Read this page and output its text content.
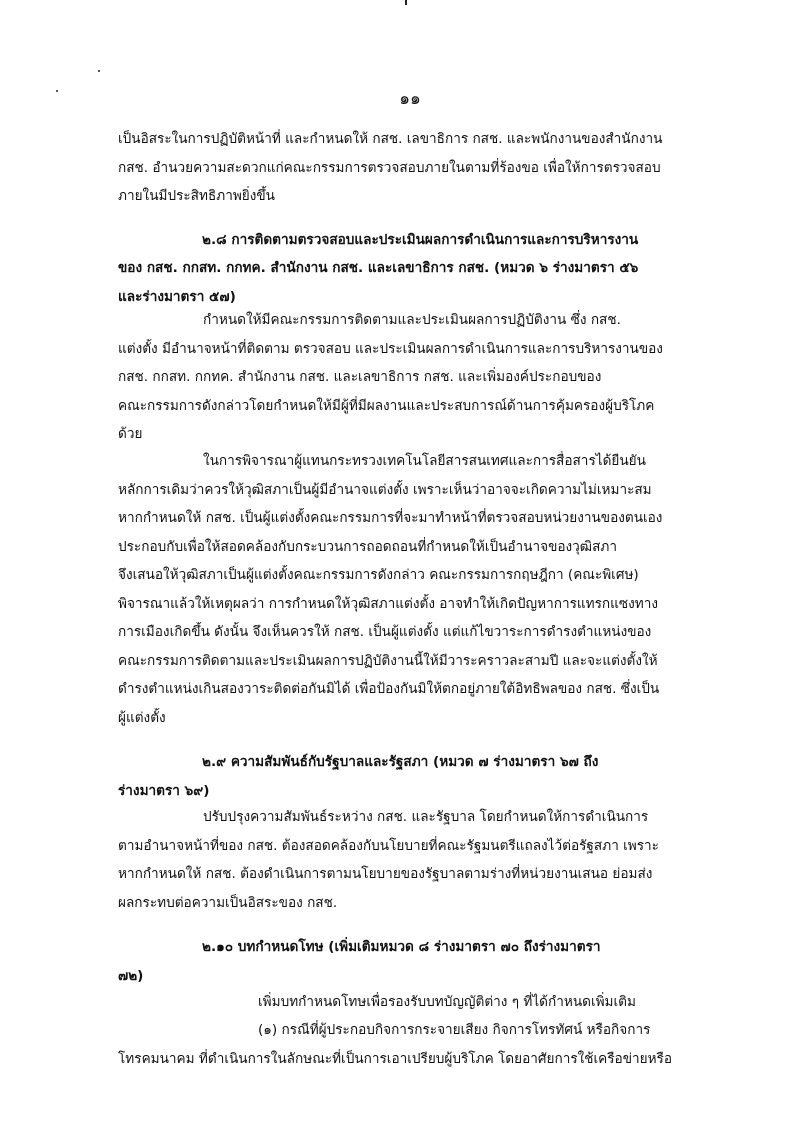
๑๑
เป็นอิสระในการปฏิบัติหน้าที่ และกำหนดให้ กสช. เลขาธิการ กสช. และพนักงานของสำนักงาน
กสช. อำนวยความสะดวกแก่คณะกรรมการตรวจสอบภายในตามที่ร้องขอ เพื่อให้การตรวจสอบ
ภายในมีประสิทธิภาพยิ่งขึ้น
๒.๘ การติดตามตรวจสอบและประเมินผลการดำเนินการและการบริหารงาน
ของ กสช. กกสท. กกทค. สำนักงาน กสช. และเลขาธิการ กสช. (หมวด ๖ ร่างมาตรา ๕๖
และร่างมาตรา ๕๗)
กำหนดให้มีคณะกรรมการติดตามและประเมินผลการปฏิบัติงาน ซึ่ง กสช.
แต่งตั้ง มีอำนาจหน้าที่ติดตาม ตรวจสอบ และประเมินผลการดำเนินการและการบริหารงานของ
กสช. กกสท. กกทค. สำนักงาน กสช. และเลขาธิการ กสช. และเพิ่มองค์ประกอบของ
คณะกรรมการดังกล่าวโดยกำหนดให้มีผู้ที่มีผลงานและประสบการณ์ด้านการคุ้มครองผู้บริโภค
ด้วย
ในการพิจารณาผู้แทนกระทรวงเทคโนโลยีสารสนเทศและการสื่อสารได้ยืนยัน
หลักการเดิมว่าควรให้วุฒิสภาเป็นผู้มีอำนาจแต่งตั้ง เพราะเห็นว่าอาจจะเกิดความไม่เหมาะสม
หากกำหนดให้ กสช. เป็นผู้แต่งตั้งคณะกรรมการที่จะมาทำหน้าที่ตรวจสอบหน่วยงานของตนเอง
ประกอบกับเพื่อให้สอดคล้องกับกระบวนการถอดถอนที่กำหนดให้เป็นอำนาจของวุฒิสภา
จึงเสนอให้วุฒิสภาเป็นผู้แต่งตั้งคณะกรรมการดังกล่าว คณะกรรมการกฤษฎีกา (คณะพิเศษ)
พิจารณาแล้วให้เหตุผลว่า การกำหนดให้วุฒิสภาแต่งตั้ง อาจทำให้เกิดปัญหาการแทรกแซงทาง
การเมืองเกิดขึ้น ดังนั้น จึงเห็นควรให้ กสช. เป็นผู้แต่งตั้ง แต่แก้ไขวาระการดำรงตำแหน่งของ
คณะกรรมการติดตามและประเมินผลการปฏิบัติงานนี้ให้มีวาระคราวละสามปี และจะแต่งตั้งให้
ดำรงตำแหน่งเกินสองวาระติดต่อกันมิได้ เพื่อป้องกันมิให้ตกอยู่ภายใต้อิทธิพลของ กสช. ซึ่งเป็น
ผู้แต่งตั้ง
๒.๙ ความสัมพันธ์กับรัฐบาลและรัฐสภา (หมวด ๗ ร่างมาตรา ๖๗ ถึง
ร่างมาตรา ๖๙)
ปรับปรุงความสัมพันธ์ระหว่าง กสช. และรัฐบาล โดยกำหนดให้การดำเนินการ
ตามอำนาจหน้าที่ของ กสช. ต้องสอดคล้องกับนโยบายที่คณะรัฐมนตรีแถลงไว้ต่อรัฐสภา เพราะ
หากกำหนดให้ กสช. ต้องดำเนินการตามนโยบายของรัฐบาลตามร่างที่หน่วยงานเสนอ ย่อมส่ง
ผลกระทบต่อความเป็นอิสระของ กสช.
๒.๑๐ บทกำหนดโทษ (เพิ่มเติมหมวด ๘ ร่างมาตรา ๗๐ ถึงร่างมาตรา
๗๒)
เพิ่มบทกำหนดโทษเพื่อรองรับบทบัญญัติต่าง ๆ ที่ได้กำหนดเพิ่มเติม
(๑) กรณีที่ผู้ประกอบกิจการกระจายเสียง กิจการโทรทัศน์ หรือกิจการ
โทรคมนาคม ที่ดำเนินการในลักษณะที่เป็นการเอาเปรียบผู้บริโภค โดยอาศัยการใช้เครือข่ายหรือ
